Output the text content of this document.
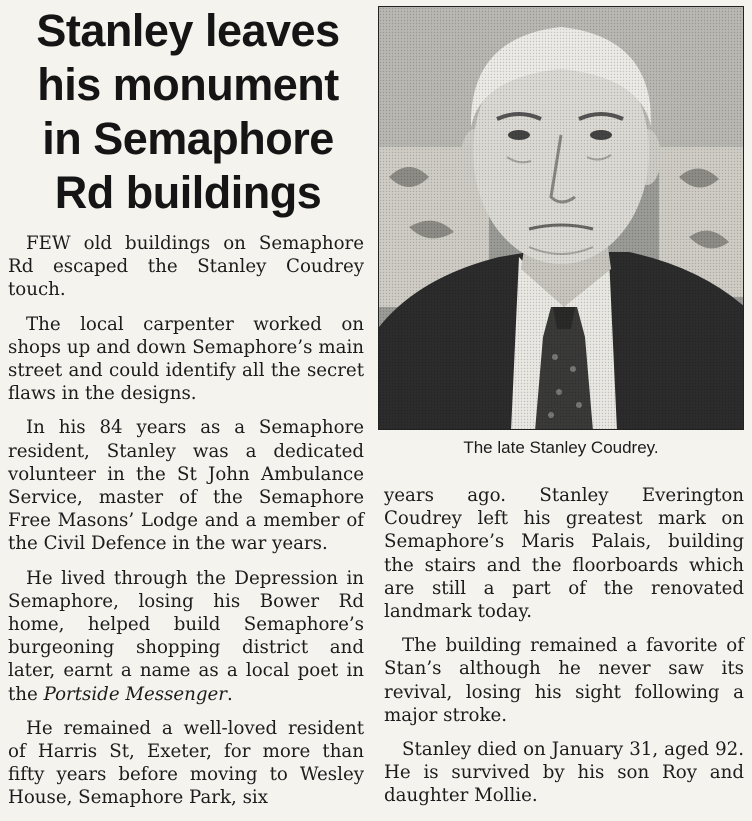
Stanley leaves
his monument
in Semaphore
Rd buildings
The late Stanley Coudrey.

FEW old buildings on Semaphore Rd escaped the Stanley Coudrey touch.

The local carpenter worked on shops up and down Semaphore’s main street and could identify all the secret flaws in the designs.

In his 84 years as a Semaphore resident, Stanley was a dedicated volunteer in the St John Ambulance Service, master of the Semaphore Free Masons’ Lodge and a member of the Civil Defence in the war years.

He lived through the Depression in Semaphore, losing his Bower Rd home, helped build Semaphore’s burgeoning shopping district and later, earnt a name as a local poet in the Portside Messenger.

He remained a well-loved resident of Harris St, Exeter, for more than fifty years before moving to Wesley House, Semaphore Park, six

years ago. Stanley Everington Coudrey left his greatest mark on Semaphore’s Maris Palais, building the stairs and the floorboards which are still a part of the renovated landmark today.

The building remained a favorite of Stan’s although he never saw its revival, losing his sight following a major stroke.

Stanley died on January 31, aged 92. He is survived by his son Roy and daughter Mollie.
